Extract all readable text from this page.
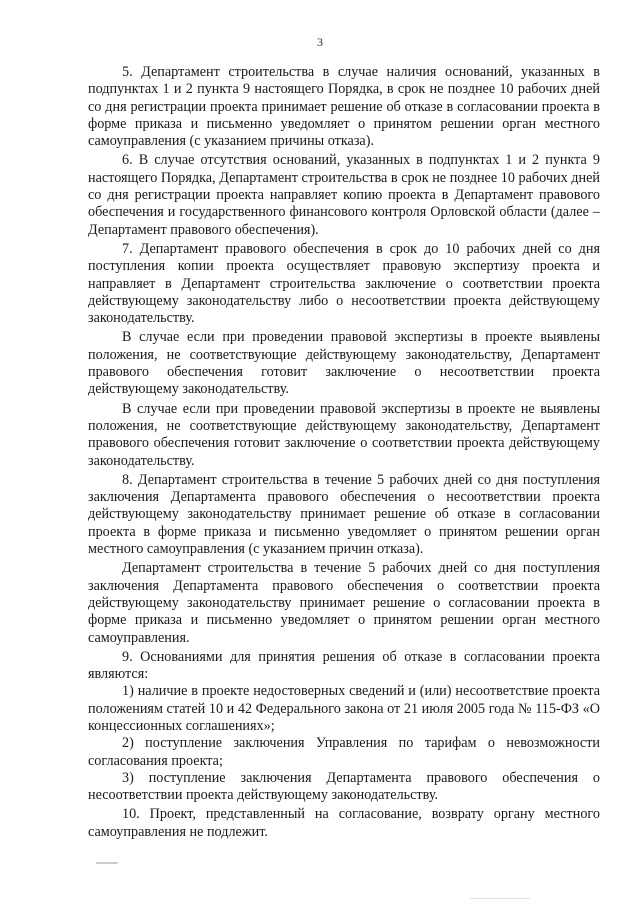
3

5. Департамент строительства в случае наличия оснований, указанных в подпунктах 1 и 2 пункта 9 настоящего Порядка, в срок не позднее 10 рабочих дней со дня регистрации проекта принимает решение об отказе в согласовании проекта в форме приказа и письменно уведомляет о принятом решении орган местного самоуправления (с указанием причины отказа).

6. В случае отсутствия оснований, указанных в подпунктах 1 и 2 пункта 9 настоящего Порядка, Департамент строительства в срок не позднее 10 рабочих дней со дня регистрации проекта направляет копию проекта в Департамент правового обеспечения и государственного финансового контроля Орловской области (далее – Департамент правового обеспечения).

7. Департамент правового обеспечения в срок до 10 рабочих дней со дня поступления копии проекта осуществляет правовую экспертизу проекта и направляет в Департамент строительства заключение о соответствии проекта действующему законодательству либо о несоответствии проекта действующему законодательству.

В случае если при проведении правовой экспертизы в проекте выявлены положения, не соответствующие действующему законодательству, Департамент правового обеспечения готовит заключение о несоответствии проекта действующему законодательству.

В случае если при проведении правовой экспертизы в проекте не выявлены положения, не соответствующие действующему законодательству, Департамент правового обеспечения готовит заключение о соответствии проекта действующему законодательству.

8. Департамент строительства в течение 5 рабочих дней со дня поступления заключения Департамента правового обеспечения о несоответствии проекта действующему законодательству принимает решение об отказе в согласовании проекта в форме приказа и письменно уведомляет о принятом решении орган местного самоуправления (с указанием причин отказа).

Департамент строительства в течение 5 рабочих дней со дня поступления заключения Департамента правового обеспечения о соответствии проекта действующему законодательству принимает решение о согласовании проекта в форме приказа и письменно уведомляет о принятом решении орган местного самоуправления.

9. Основаниями для принятия решения об отказе в согласовании проекта являются:

1) наличие в проекте недостоверных сведений и (или) несоответствие проекта положениям статей 10 и 42 Федерального закона от 21 июля 2005 года № 115-ФЗ «О концессионных соглашениях»;

2) поступление заключения Управления по тарифам о невозможности согласования проекта;

3) поступление заключения Департамента правового обеспечения о несоответствии проекта действующему законодательству.

10. Проект, представленный на согласование, возврату органу местного самоуправления не подлежит.
